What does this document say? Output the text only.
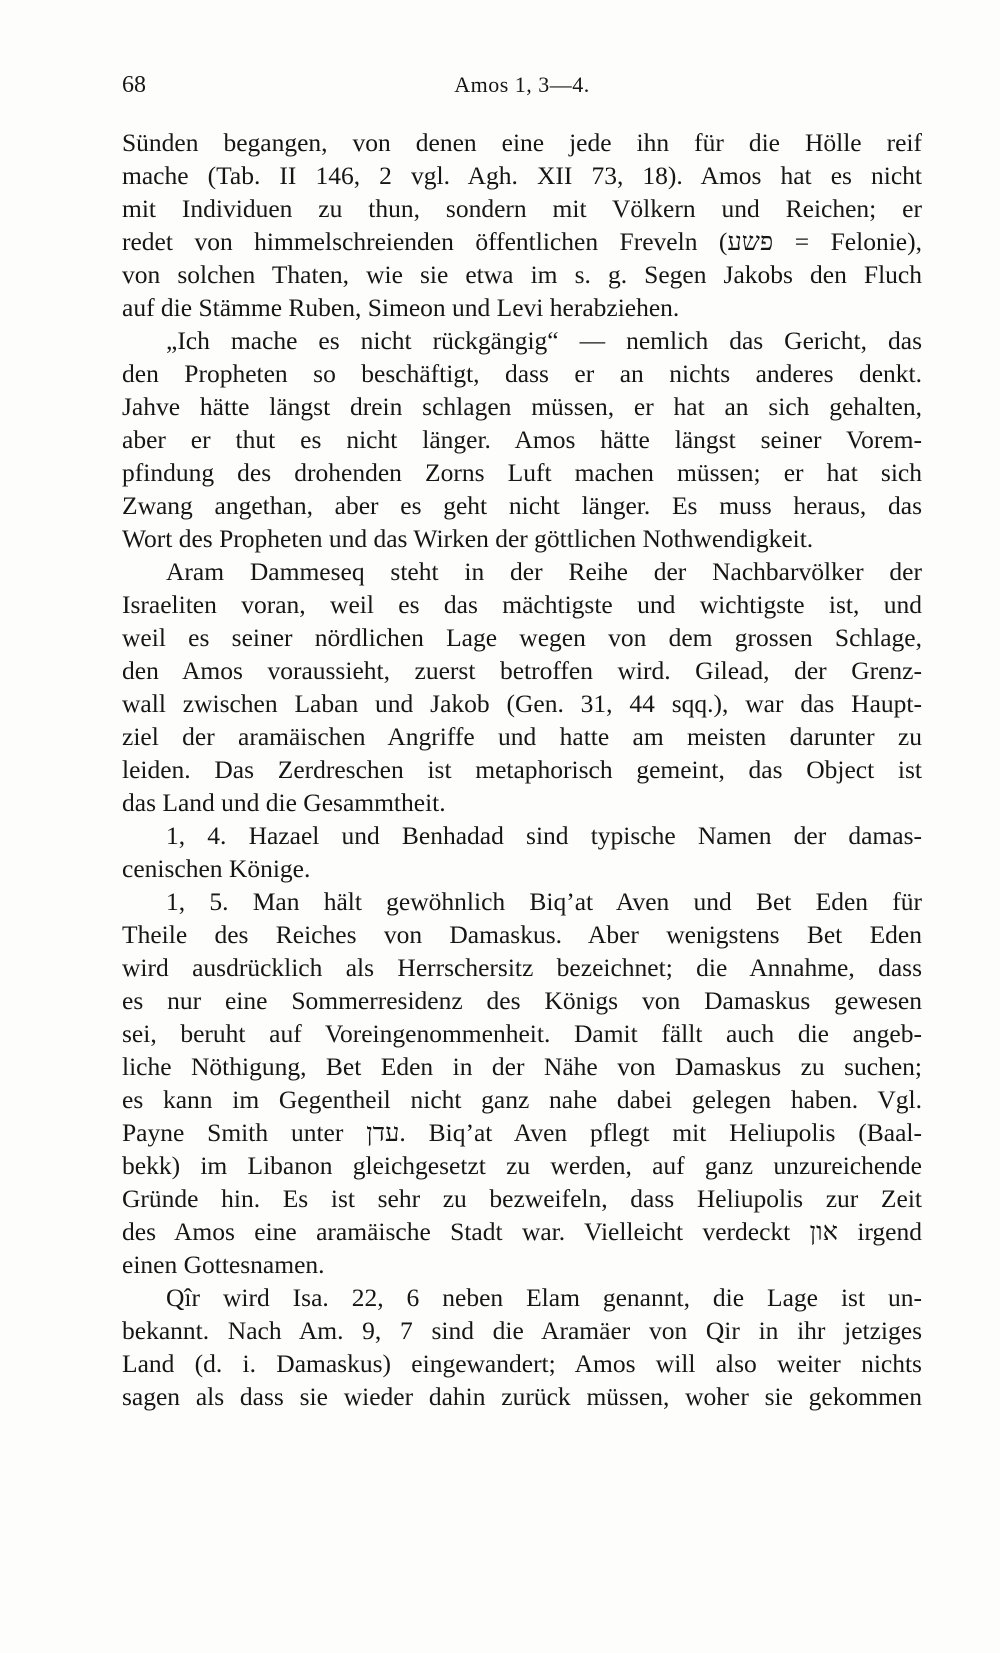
68	Amos 1, 3—4.
Sünden begangen, von denen eine jede ihn für die Hölle reif
mache (Tab. II 146, 2 vgl. Agh. XII 73, 18). Amos hat es nicht
mit Individuen zu thun, sondern mit Völkern und Reichen; er
redet von himmelschreienden öffentlichen Freveln (פשע = Felonie),
von solchen Thaten, wie sie etwa im s. g. Segen Jakobs den Fluch
auf die Stämme Ruben, Simeon und Levi herabziehen.
„Ich mache es nicht rückgängig“ — nemlich das Gericht, das
den Propheten so beschäftigt, dass er an nichts anderes denkt.
Jahve hätte längst drein schlagen müssen, er hat an sich gehalten,
aber er thut es nicht länger. Amos hätte längst seiner Vorem-
pfindung des drohenden Zorns Luft machen müssen; er hat sich
Zwang angethan, aber es geht nicht länger. Es muss heraus, das
Wort des Propheten und das Wirken der göttlichen Nothwendigkeit.
Aram Dammeseq steht in der Reihe der Nachbarvölker der
Israeliten voran, weil es das mächtigste und wichtigste ist, und
weil es seiner nördlichen Lage wegen von dem grossen Schlage,
den Amos voraussieht, zuerst betroffen wird. Gilead, der Grenz-
wall zwischen Laban und Jakob (Gen. 31, 44 sqq.), war das Haupt-
ziel der aramäischen Angriffe und hatte am meisten darunter zu
leiden. Das Zerdreschen ist metaphorisch gemeint, das Object ist
das Land und die Gesammtheit.
1, 4. Hazael und Benhadad sind typische Namen der damas-
cenischen Könige.
1, 5. Man hält gewöhnlich Biq’at Aven und Bet Eden für
Theile des Reiches von Damaskus. Aber wenigstens Bet Eden
wird ausdrücklich als Herrschersitz bezeichnet; die Annahme, dass
es nur eine Sommerresidenz des Königs von Damaskus gewesen
sei, beruht auf Voreingenommenheit. Damit fällt auch die angeb-
liche Nöthigung, Bet Eden in der Nähe von Damaskus zu suchen;
es kann im Gegentheil nicht ganz nahe dabei gelegen haben. Vgl.
Payne Smith unter עדן. Biq’at Aven pflegt mit Heliupolis (Baal-
bekk) im Libanon gleichgesetzt zu werden, auf ganz unzureichende
Gründe hin. Es ist sehr zu bezweifeln, dass Heliupolis zur Zeit
des Amos eine aramäische Stadt war. Vielleicht verdeckt און irgend
einen Gottesnamen.
Qîr wird Isa. 22, 6 neben Elam genannt, die Lage ist un-
bekannt. Nach Am. 9, 7 sind die Aramäer von Qir in ihr jetziges
Land (d. i. Damaskus) eingewandert; Amos will also weiter nichts
sagen als dass sie wieder dahin zurück müssen, woher sie gekommen
